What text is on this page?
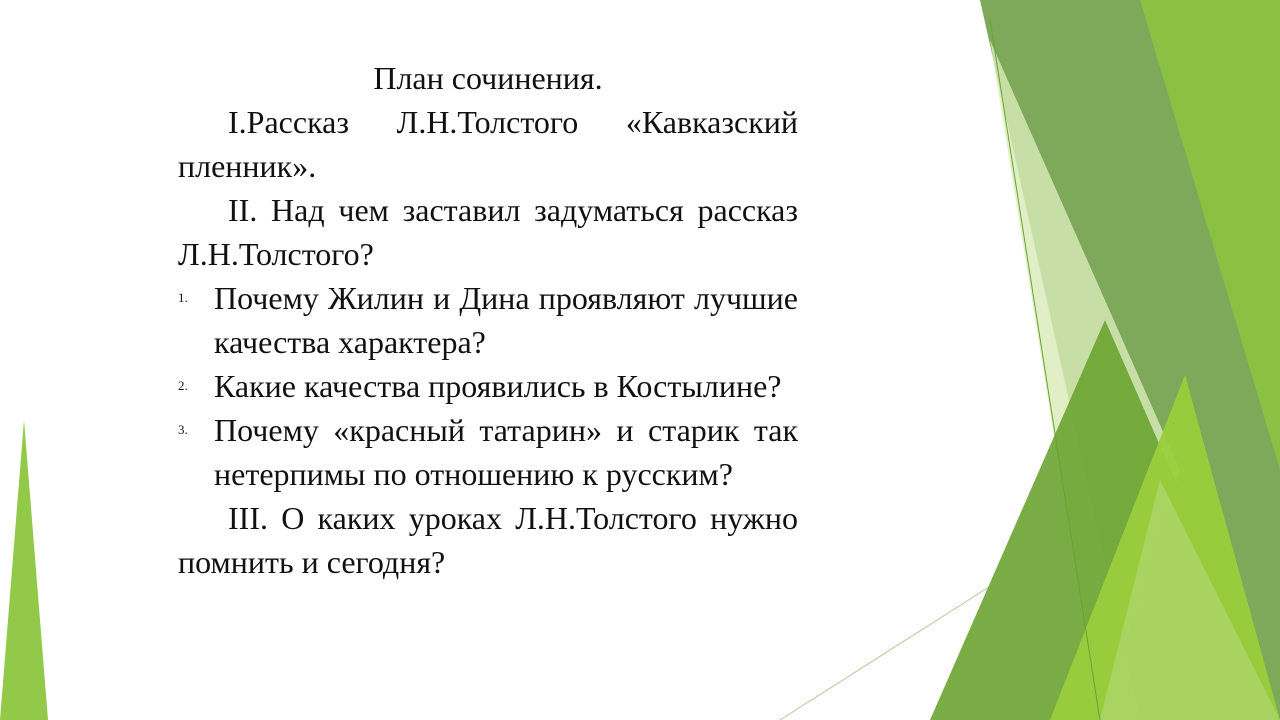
План сочинения.
I.Рассказ Л.Н.Толстого «Кавказский пленник».
II. Над чем заставил задуматься рассказ Л.Н.Толстого?
1. Почему Жилин и Дина проявляют лучшие качества характера?
2. Какие качества проявились в Костылине?
3. Почему «красный татарин» и старик так нетерпимы по отношению к русским?
III. О каких уроках Л.Н.Толстого нужно помнить и сегодня?
